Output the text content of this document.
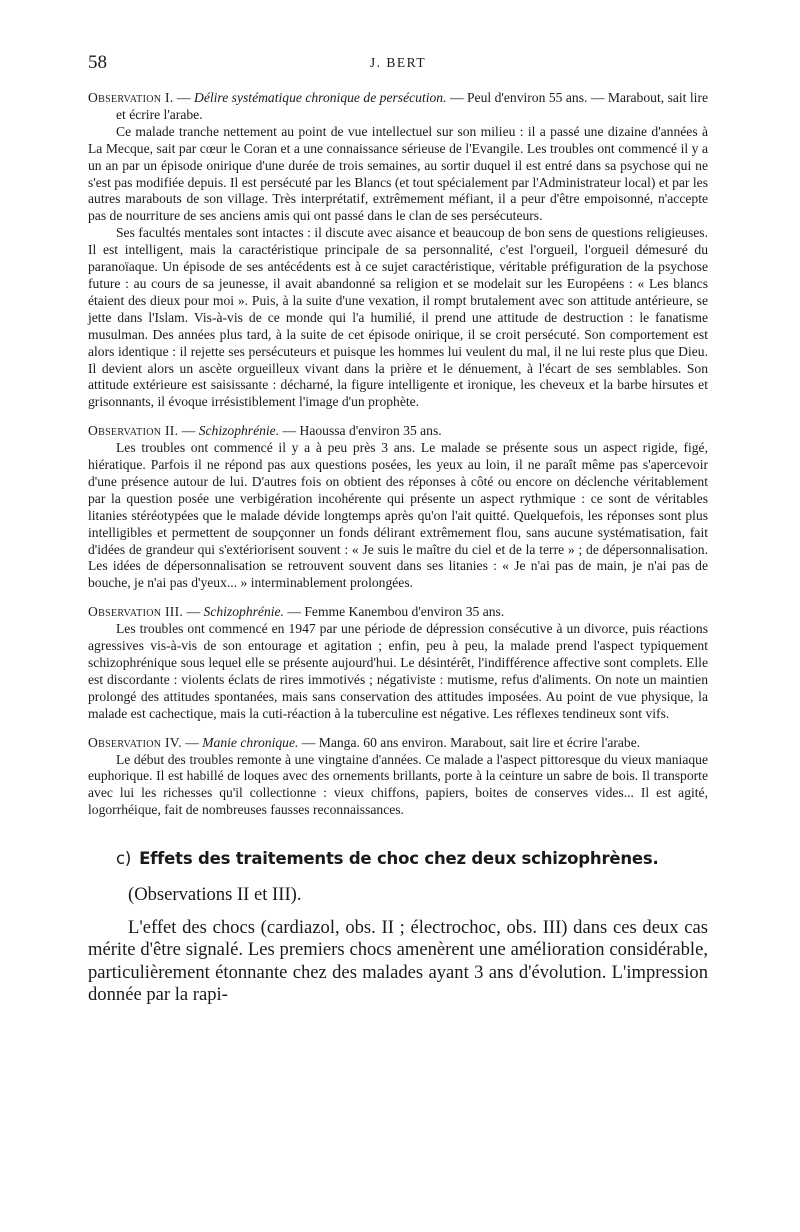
58	J. BERT

Observation I. — Délire systématique chronique de persécution. — Peul d'environ 55 ans. — Marabout, sait lire et écrire l'arabe.

Ce malade tranche nettement au point de vue intellectuel sur son milieu : il a passé une dizaine d'années à La Mecque, sait par cœur le Coran et a une connaissance sérieuse de l'Evangile. Les troubles ont commencé il y a un an par un épisode onirique d'une durée de trois semaines, au sortir duquel il est entré dans sa psychose qui ne s'est pas modifiée depuis. Il est persécuté par les Blancs (et tout spécialement par l'Administrateur local) et par les autres marabouts de son village. Très interprétatif, extrêmement méfiant, il a peur d'être empoisonné, n'accepte pas de nourriture de ses anciens amis qui ont passé dans le clan de ses persécuteurs.

Ses facultés mentales sont intactes : il discute avec aisance et beaucoup de bon sens de questions religieuses. Il est intelligent, mais la caractéristique principale de sa personnalité, c'est l'orgueil, l'orgueil démesuré du paranoïaque. Un épisode de ses antécédents est à ce sujet caractéristique, véritable préfiguration de la psychose future : au cours de sa jeunesse, il avait abandonné sa religion et se modelait sur les Européens : « Les blancs étaient des dieux pour moi ». Puis, à la suite d'une vexation, il rompt brutalement avec son attitude antérieure, se jette dans l'Islam. Vis-à-vis de ce monde qui l'a humilié, il prend une attitude de destruction : le fanatisme musulman. Des années plus tard, à la suite de cet épisode onirique, il se croit persécuté. Son comportement est alors identique : il rejette ses persécuteurs et puisque les hommes lui veulent du mal, il ne lui reste plus que Dieu. Il devient alors un ascète orgueilleux vivant dans la prière et le dénuement, à l'écart de ses semblables. Son attitude extérieure est saisissante : décharné, la figure intelligente et ironique, les cheveux et la barbe hirsutes et grisonnants, il évoque irrésistiblement l'image d'un prophète.

Observation II. — Schizophrénie. — Haoussa d'environ 35 ans.

Les troubles ont commencé il y a à peu près 3 ans. Le malade se présente sous un aspect rigide, figé, hiératique. Parfois il ne répond pas aux questions posées, les yeux au loin, il ne paraît même pas s'apercevoir d'une présence autour de lui. D'autres fois on obtient des réponses à côté ou encore on déclenche véritablement par la question posée une verbigération incohérente qui présente un aspect rythmique : ce sont de véritables litanies stéréotypées que le malade dévide longtemps après qu'on l'ait quitté. Quelquefois, les réponses sont plus intelligibles et permettent de soupçonner un fonds délirant extrêmement flou, sans aucune systématisation, fait d'idées de grandeur qui s'extériorisent souvent : « Je suis le maître du ciel et de la terre » ; de dépersonnalisation. Les idées de dépersonnalisation se retrouvent souvent dans ses litanies : « Je n'ai pas de main, je n'ai pas de bouche, je n'ai pas d'yeux... » interminablement prolongées.

Observation III. — Schizophrénie. — Femme Kanembou d'environ 35 ans.

Les troubles ont commencé en 1947 par une période de dépression consécutive à un divorce, puis réactions agressives vis-à-vis de son entourage et agitation ; enfin, peu à peu, la malade prend l'aspect typiquement schizophrénique sous lequel elle se présente aujourd'hui. Le désintérêt, l'indifférence affective sont complets. Elle est discordante : violents éclats de rires immotivés ; négativiste : mutisme, refus d'aliments. On note un maintien prolongé des attitudes spontanées, mais sans conservation des attitudes imposées. Au point de vue physique, la malade est cachectique, mais la cuti-réaction à la tuberculine est négative. Les réflexes tendineux sont vifs.

Observation IV. — Manie chronique. — Manga. 60 ans environ. Marabout, sait lire et écrire l'arabe.

Le début des troubles remonte à une vingtaine d'années. Ce malade a l'aspect pittoresque du vieux maniaque euphorique. Il est habillé de loques avec des ornements brillants, porte à la ceinture un sabre de bois. Il transporte avec lui les richesses qu'il collectionne : vieux chiffons, papiers, boites de conserves vides... Il est agité, logorrhéique, fait de nombreuses fausses reconnaissances.

c) Effets des traitements de choc chez deux schizophrènes.

(Observations II et III).

L'effet des chocs (cardiazol, obs. II ; électrochoc, obs. III) dans ces deux cas mérite d'être signalé. Les premiers chocs amenèrent une amélioration considérable, particulièrement étonnante chez des malades ayant 3 ans d'évolution. L'impression donnée par la rapi-
